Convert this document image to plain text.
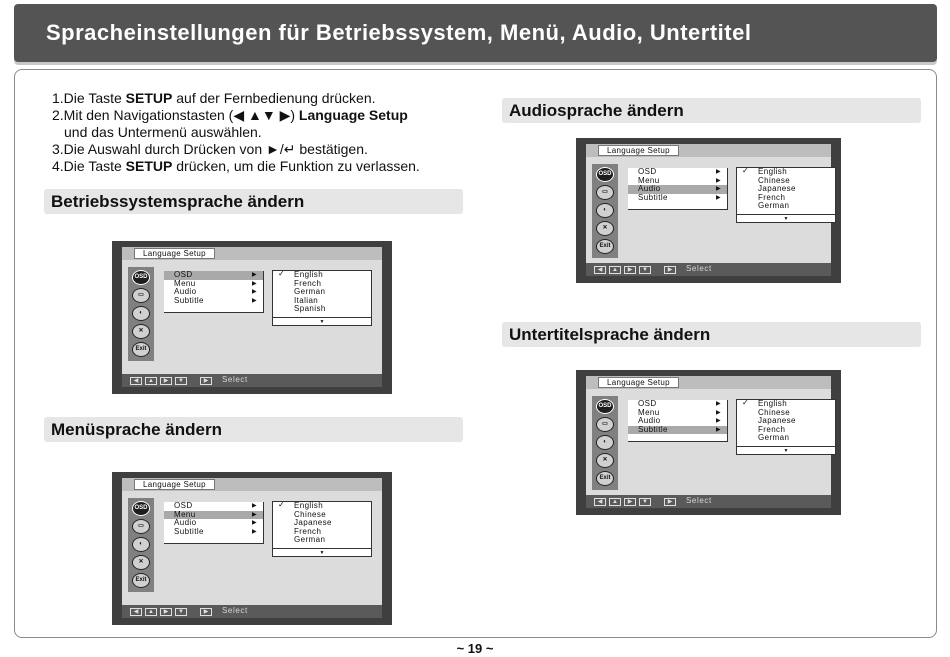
Spracheinstellungen für Betriebssystem, Menü, Audio, Untertitel
1.Die Taste SETUP auf der Fernbedienung drücken.
2.Mit den Navigationstasten (◀ ▲▼ ▶) Language Setup
und das Untermenü auswählen.
3.Die Auswahl durch Drücken von ►/↵ bestätigen.
4.Die Taste SETUP drücken, um die Funktion zu verlassen.
Betriebssystemsprache ändern
Menüsprache ändern
Audiosprache ändern
Untertitelsprache ändern
Language Setup
OSD
▭
◐
✕
Exit
OSD	▶
Menu	▶
Audio	▶
Subtitle	▶
✓ English
French
German
Italian
Spanish
▼
◀	▲	▶	▼	▶	Select
Language Setup
OSD
▭
◐
✕
Exit
OSD	▶
Menu	▶
Audio	▶
Subtitle	▶
✓ English
Chinese
Japanese
French
German
▼
◀	▲	▶	▼	▶	Select
Language Setup
OSD
▭
◐
✕
Exit
OSD	▶
Menu	▶
Audio	▶
Subtitle	▶
✓ English
Chinese
Japanese
French
German
▼
◀	▲	▶	▼	▶	Select
Language Setup
OSD
▭
◐
✕
Exit
OSD	▶
Menu	▶
Audio	▶
Subtitle	▶
✓ English
Chinese
Japanese
French
German
▼
◀	▲	▶	▼	▶	Select
~ 19 ~
